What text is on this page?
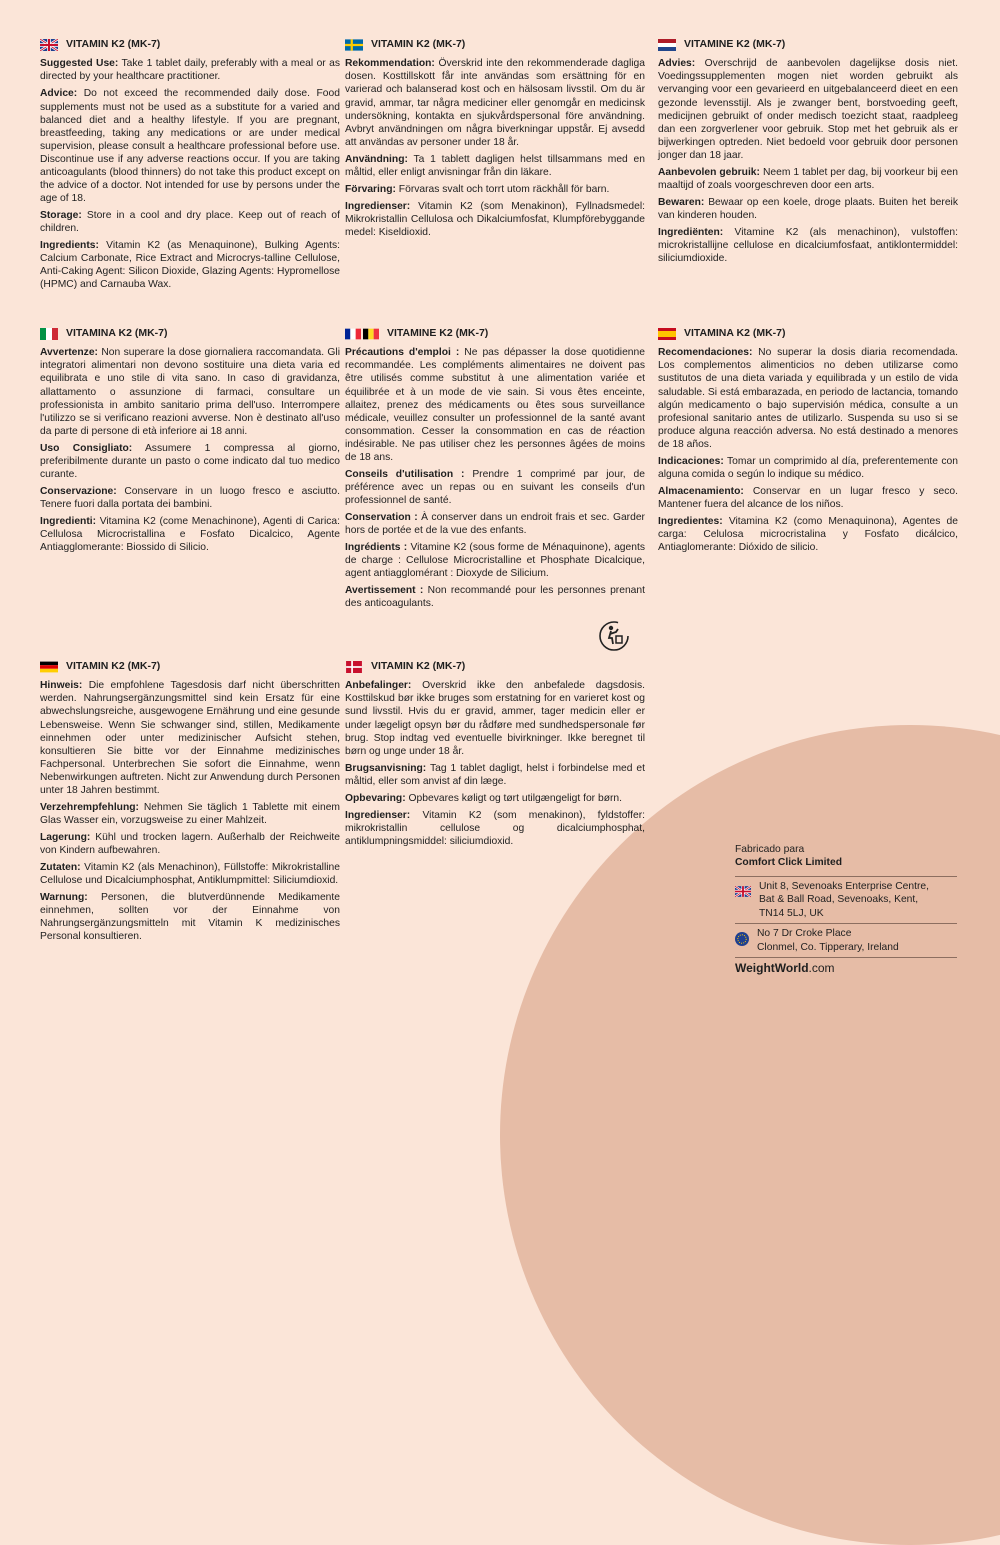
VITAMIN K2 (MK-7)

Suggested Use: Take 1 tablet daily, preferably with a meal or as directed by your healthcare practitioner.

Advice: Do not exceed the recommended daily dose. Food supplements must not be used as a substitute for a varied and balanced diet and a healthy lifestyle. If you are pregnant, breastfeeding, taking any medications or are under medical supervision, please consult a healthcare professional before use. Discontinue use if any adverse reactions occur. If you are taking anticoagulants (blood thinners) do not take this product except on the advice of a doctor. Not intended for use by persons under the age of 18.

Storage: Store in a cool and dry place. Keep out of reach of children.

Ingredients: Vitamin K2 (as Menaquinone), Bulking Agents: Calcium Carbonate, Rice Extract and Microcrys-talline Cellulose, Anti-Caking Agent: Silicon Dioxide, Glazing Agents: Hypromellose (HPMC) and Carnauba Wax.

VITAMIN K2 (MK-7)

Rekommendation: Överskrid inte den rekommenderade dagliga dosen. Kosttillskott får inte användas som ersättning för en varierad och balanserad kost och en hälsosam livsstil. Om du är gravid, ammar, tar några mediciner eller genomgår en medicinsk undersökning, kontakta en sjukvårdspersonal före användning. Avbryt användningen om några biverkningar uppstår. Ej avsedd att användas av personer under 18 år.

Användning: Ta 1 tablett dagligen helst tillsammans med en måltid, eller enligt anvisningar från din läkare.

Förvaring: Förvaras svalt och torrt utom räckhåll för barn.

Ingredienser: Vitamin K2 (som Menakinon), Fyllnadsmedel: Mikrokristallin Cellulosa och Dikalciumfosfat, Klumpförebyggande medel: Kiseldioxid.

VITAMINE K2 (MK-7)

Advies: Overschrijd de aanbevolen dagelijkse dosis niet. Voedingssupplementen mogen niet worden gebruikt als vervanging voor een gevarieerd en uitgebalanceerd dieet en een gezonde levensstijl. Als je zwanger bent, borstvoeding geeft, medicijnen gebruikt of onder medisch toezicht staat, raadpleeg dan een zorgverlener voor gebruik. Stop met het gebruik als er bijwerkingen optreden. Niet bedoeld voor gebruik door personen jonger dan 18 jaar.

Aanbevolen gebruik: Neem 1 tablet per dag, bij voorkeur bij een maaltijd of zoals voorgeschreven door een arts.

Bewaren: Bewaar op een koele, droge plaats. Buiten het bereik van kinderen houden.

Ingrediënten: Vitamine K2 (als menachinon), vulstoffen: microkristallijne cellulose en dicalciumfosfaat, antiklontermiddel: siliciumdioxide.

VITAMINA K2 (MK-7)

Avvertenze: Non superare la dose giornaliera raccomandata. Gli integratori alimentari non devono sostituire una dieta varia ed equilibrata e uno stile di vita sano. In caso di gravidanza, allattamento o assunzione di farmaci, consultare un professionista in ambito sanitario prima dell'uso. Interrompere l'utilizzo se si verificano reazioni avverse. Non è destinato all'uso da parte di persone di età inferiore ai 18 anni.

Uso Consigliato: Assumere 1 compressa al giorno, preferibilmente durante un pasto o come indicato dal tuo medico curante.

Conservazione: Conservare in un luogo fresco e asciutto. Tenere fuori dalla portata dei bambini.

Ingredienti: Vitamina K2 (come Menachinone), Agenti di Carica: Cellulosa Microcristallina e Fosfato Dicalcico, Agente Antiagglomerante: Biossido di Silicio.

VITAMINE K2 (MK-7)

Précautions d'emploi : Ne pas dépasser la dose quotidienne recommandée. Les compléments alimentaires ne doivent pas être utilisés comme substitut à une alimentation variée et équilibrée et à un mode de vie sain. Si vous êtes enceinte, allaitez, prenez des médicaments ou êtes sous surveillance médicale, veuillez consulter un professionnel de la santé avant consommation. Cesser la consommation en cas de réaction indésirable. Ne pas utiliser chez les personnes âgées de moins de 18 ans.

Conseils d'utilisation : Prendre 1 comprimé par jour, de préférence avec un repas ou en suivant les conseils d'un professionnel de santé.

Conservation : À conserver dans un endroit frais et sec. Garder hors de portée et de la vue des enfants.

Ingrédients : Vitamine K2 (sous forme de Ménaquinone), agents de charge : Cellulose Microcristalline et Phosphate Dicalcique, agent antiagglomérant : Dioxyde de Silicium.

Avertissement : Non recommandé pour les personnes prenant des anticoagulants.

VITAMINA K2 (MK-7)

Recomendaciones: No superar la dosis diaria recomendada. Los complementos alimenticios no deben utilizarse como sustitutos de una dieta variada y equilibrada y un estilo de vida saludable. Si está embarazada, en periodo de lactancia, tomando algún medicamento o bajo supervisión médica, consulte a un profesional sanitario antes de utilizarlo. Suspenda su uso si se produce alguna reacción adversa. No está destinado a menores de 18 años.

Indicaciones: Tomar un comprimido al día, preferentemente con alguna comida o según lo indique su médico.

Almacenamiento: Conservar en un lugar fresco y seco. Mantener fuera del alcance de los niños.

Ingredientes: Vitamina K2 (como Menaquinona), Agentes de carga: Celulosa microcristalina y Fosfato dicálcico, Antiaglomerante: Dióxido de silicio.

VITAMIN K2 (MK-7)

Hinweis: Die empfohlene Tagesdosis darf nicht überschritten werden. Nahrungsergänzungsmittel sind kein Ersatz für eine abwechslungsreiche, ausgewogene Ernährung und eine gesunde Lebensweise. Wenn Sie schwanger sind, stillen, Medikamente einnehmen oder unter medizinischer Aufsicht stehen, konsultieren Sie bitte vor der Einnahme medizinisches Fachpersonal. Unterbrechen Sie sofort die Einnahme, wenn Nebenwirkungen auftreten. Nicht zur Anwendung durch Personen unter 18 Jahren bestimmt.

Verzehrempfehlung: Nehmen Sie täglich 1 Tablette mit einem Glas Wasser ein, vorzugsweise zu einer Mahlzeit.

Lagerung: Kühl und trocken lagern. Außerhalb der Reichweite von Kindern aufbewahren.

Zutaten: Vitamin K2 (als Menachinon), Füllstoffe: Mikrokristalline Cellulose und Dicalciumphosphat, Antiklumpmittel: Siliciumdioxid.

Warnung: Personen, die blutverdünnende Medikamente einnehmen, sollten vor der Einnahme von Nahrungsergänzungsmitteln mit Vitamin K medizinisches Personal konsultieren.

VITAMIN K2 (MK-7)

Anbefalinger: Overskrid ikke den anbefalede dagsdosis. Kosttilskud bør ikke bruges som erstatning for en varieret kost og sund livsstil. Hvis du er gravid, ammer, tager medicin eller er under lægeligt opsyn bør du rådføre med sundhedspersonale før brug. Stop indtag ved eventuelle bivirkninger. Ikke beregnet til børn og unge under 18 år.

Brugsanvisning: Tag 1 tablet dagligt, helst i forbindelse med et måltid, eller som anvist af din læge.

Opbevaring: Opbevares køligt og tørt utilgængeligt for børn.

Ingredienser: Vitamin K2 (som menakinon), fyldstoffer: mikrokristallin cellulose og dicalciumphosphat, antiklumpningsmiddel: siliciumdioxid.

Fabricado para
Comfort Click Limited
Unit 8, Sevenoaks Enterprise Centre,
Bat & Ball Road, Sevenoaks, Kent,
TN14 5LJ, UK
No 7 Dr Croke Place
Clonmel, Co. Tipperary, Ireland
WeightWorld.com
